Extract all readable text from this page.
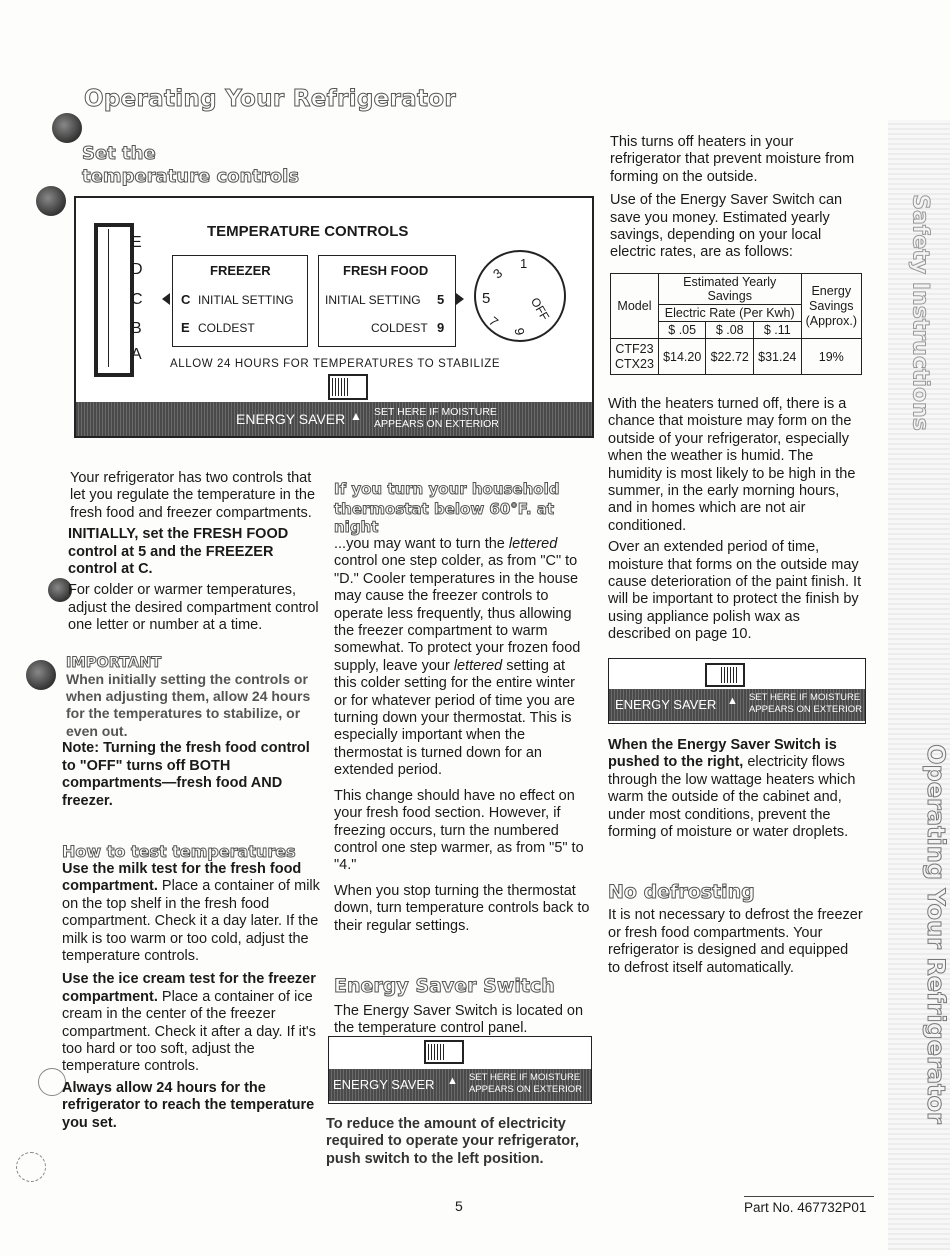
Operating Your Refrigerator
Set the
temperature controls
E
D
C
B
A
TEMPERATURE CONTROLS
FREEZER
C INITIAL SETTING
E COLDEST
FRESH FOOD
INITIAL SETTING 5
COLDEST 9
3
1
5
7
9
OFF
ALLOW 24 HOURS FOR TEMPERATURES TO STABILIZE
ENERGY SAVER ▲ SET HERE IF MOISTURE
APPEARS ON EXTERIOR

Your refrigerator has two controls that let you regulate the temperature in the fresh food and freezer compartments.

INITIALLY, set the FRESH FOOD control at 5 and the FREEZER control at C.

For colder or warmer temperatures, adjust the desired compartment control one letter or number at a time.

IMPORTANT

When initially setting the controls or when adjusting them, allow 24 hours for the temperatures to stabilize, or even out.

Note: Turning the fresh food control to "OFF" turns off BOTH compartments—fresh food AND freezer.

How to test temperatures

Use the milk test for the fresh food compartment. Place a container of milk on the top shelf in the fresh food compartment. Check it a day later. If the milk is too warm or too cold, adjust the temperature controls.

Use the ice cream test for the freezer compartment. Place a container of ice cream in the center of the freezer compartment. Check it after a day. If it's too hard or too soft, adjust the temperature controls.

Always allow 24 hours for the refrigerator to reach the temperature you set.

If you turn your household
thermostat below 60°F. at night

...you may want to turn the lettered control one step colder, as from "C" to "D." Cooler temperatures in the house may cause the freezer controls to operate less frequently, thus allowing the freezer compartment to warm somewhat. To protect your frozen food supply, leave your lettered setting at this colder setting for the entire winter or for whatever period of time you are turning down your thermostat. This is especially important when the thermostat is turned down for an extended period.

This change should have no effect on your fresh food section. However, if freezing occurs, turn the numbered control one step warmer, as from "5" to "4."

When you stop turning the thermostat down, turn temperature controls back to their regular settings.

Energy Saver Switch

The Energy Saver Switch is located on the temperature control panel.

ENERGY SAVER ▲ SET HERE IF MOISTURE
APPEARS ON EXTERIOR

To reduce the amount of electricity required to operate your refrigerator, push switch to the left position.

This turns off heaters in your refrigerator that prevent moisture from forming on the outside.

Use of the Energy Saver Switch can save you money. Estimated yearly savings, depending on your local electric rates, are as follows:

Model	Estimated Yearly Savings			Energy
Savings
(Approx.)
	Electric Rate (Per Kwh)			
	$ .05	$ .08	$ .11	
CTF23 CTX23	$14.20	$22.72	$31.24	19%

With the heaters turned off, there is a chance that moisture may form on the outside of your refrigerator, especially when the weather is humid. The humidity is most likely to be high in the summer, in the early morning hours, and in homes which are not air conditioned.

Over an extended period of time, moisture that forms on the outside may cause deterioration of the paint finish. It will be important to protect the finish by using appliance polish wax as described on page 10.

ENERGY SAVER ▲ SET HERE IF MOISTURE
APPEARS ON EXTERIOR

When the Energy Saver Switch is pushed to the right, electricity flows through the low wattage heaters which warm the outside of the cabinet and, under most conditions, prevent the forming of moisture or water droplets.

No defrosting

It is not necessary to defrost the freezer or fresh food compartments. Your refrigerator is designed and equipped to defrost itself automatically.

Safety Instructions
Operating Your Refrigerator
5	Part No. 467732P01
